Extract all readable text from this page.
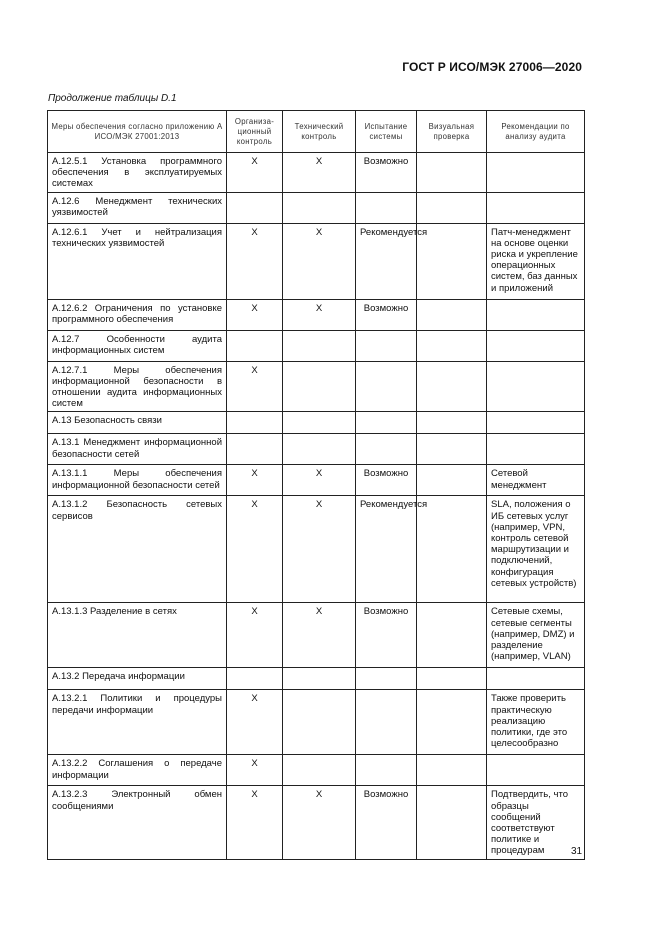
ГОСТ Р ИСО/МЭК 27006—2020
Продолжение таблицы D.1
Меры обеспечения согласно приложению А ИСО/МЭК 27001:2013	Организа-ционный контроль	Технический контроль	Испытание системы	Визуальная проверка	Рекомендации по анализу аудита
A.12.5.1 Установка программного обеспечения в эксплуатируемых системах	X	X	Возможно		
A.12.6 Менеджмент технических уязвимостей					
A.12.6.1 Учет и нейтрализация технических уязвимостей	X	X	Рекомендуется		Патч-менеджмент на основе оценки риска и укрепление операционных систем, баз данных и приложений
A.12.6.2 Ограничения по установке программного обеспечения	X	X	Возможно		
A.12.7 Особенности аудита информационных систем					
A.12.7.1 Меры обеспечения информационной безопасности в отношении аудита информационных систем	X				
A.13 Безопасность связи					
A.13.1 Менеджмент информационной безопасности сетей					
A.13.1.1 Меры обеспечения информационной безопасности сетей	X	X	Возможно		Сетевой менеджмент
A.13.1.2 Безопасность сетевых сервисов	X	X	Рекомендуется		SLA, положения о ИБ сетевых услуг (например, VPN, контроль сетевой маршрутизации и подключений, конфигурация сетевых устройств)
A.13.1.3 Разделение в сетях	X	X	Возможно		Сетевые схемы, сетевые сегменты (например, DMZ) и разделение (например, VLAN)
A.13.2 Передача информации					
A.13.2.1 Политики и процедуры передачи информации	X				Также проверить практическую реализацию политики, где это целесообразно
A.13.2.2 Соглашения о передаче информации	X				
A.13.2.3 Электронный обмен сообщениями	X	X	Возможно		Подтвердить, что образцы сообщений соответствуют политике и процедурам	31
